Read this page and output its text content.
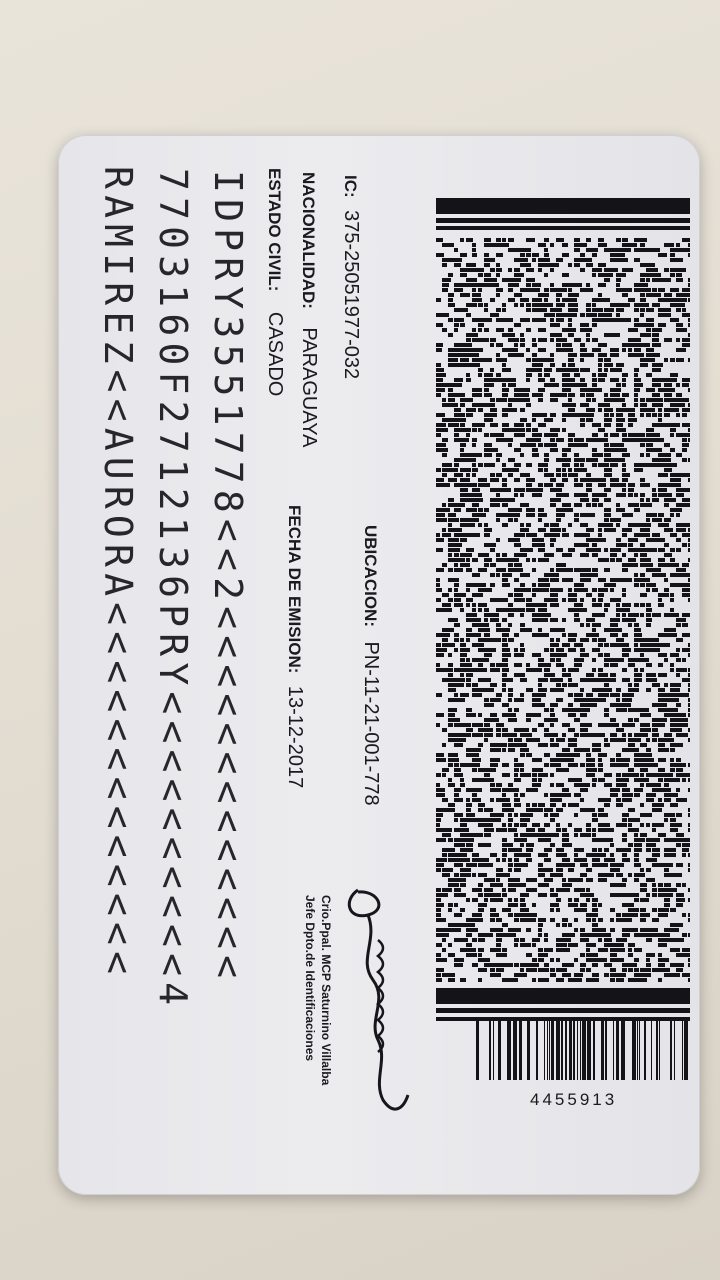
4455913
IC: 375-25051977-032
UBICACION: PN-11-21-001-778
NACIONALIDAD: PARAGUAYA
FECHA DE EMISION: 13-12-2017
ESTADO CIVIL: CASADO
IDPRY3551778<<2<<<<<<<<<<<<<
7703160F2712136PRY<<<<<<<<<<4
RAMIREZ<<AURORA<<<<<<<<<<<<<
Crio.Ppal. MCP Saturnino Villalba
Jefe Dpto.de Identificaciones
